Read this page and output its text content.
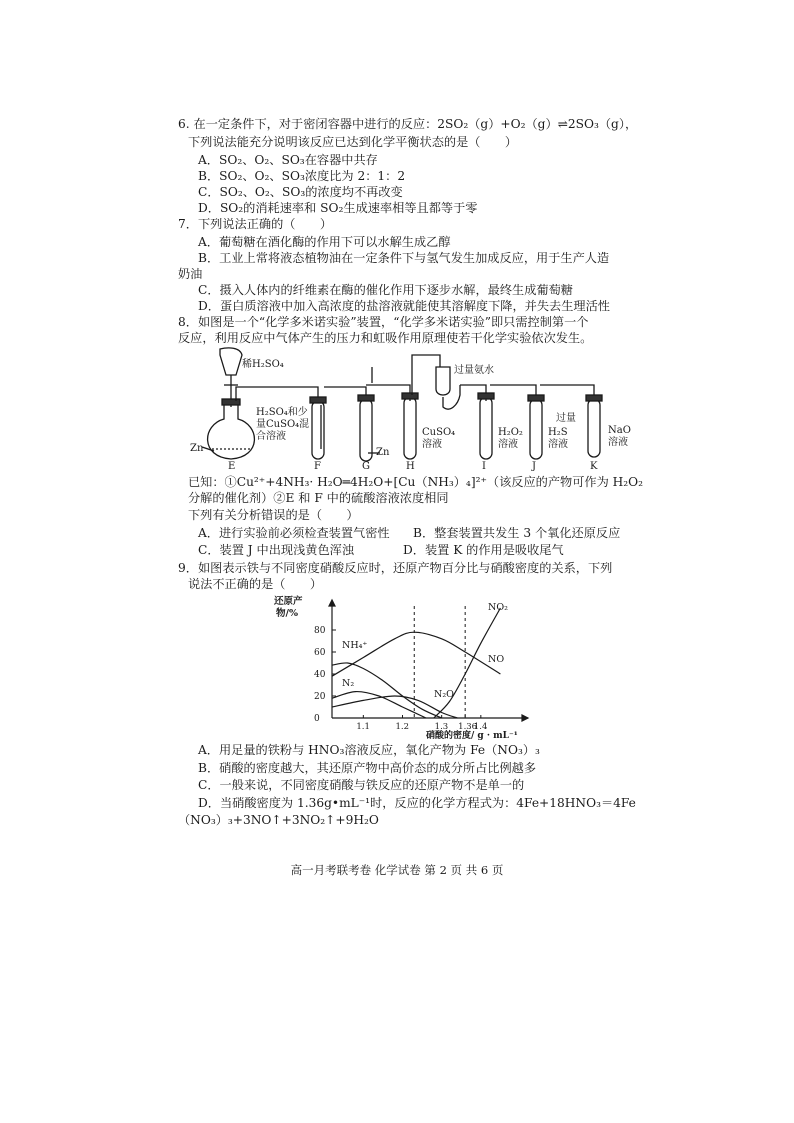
6. 在一定条件下，对于密闭容器中进行的反应：2SO₂（g）+O₂（g）⇌2SO₃（g），
下列说法能充分说明该反应已达到化学平衡状态的是（　　）
A．SO₂、O₂、SO₃在容器中共存
B．SO₂、O₂、SO₃浓度比为 2：1：2
C．SO₂、O₂、SO₃的浓度均不再改变
D．SO₂的消耗速率和 SO₂生成速率相等且都等于零
7．下列说法正确的（　　）
A．葡萄糖在酒化酶的作用下可以水解生成乙醇
B．工业上常将液态植物油在一定条件下与氢气发生加成反应，用于生产人造
奶油
C．摄入人体内的纤维素在酶的催化作用下逐步水解，最终生成葡萄糖
D．蛋白质溶液中加入高浓度的盐溶液就能使其溶解度下降，并失去生理活性
8．如图是一个“化学多米诺实验”装置，“化学多米诺实验”即只需控制第一个
反应，利用反应中气体产生的压力和虹吸作用原理使若干化学实验依次发生。
稀H₂SO₄
H₂SO₄和少
量CuSO₄混
合溶液
Zn	Zn
CuSO₄
溶液
过量氨水
H₂O₂
溶液
过量
H₂S
溶液
NaO
溶液
E	F	G	H	I	J	K
已知：①Cu²⁺+4NH₃· H₂O═4H₂O+[Cu（NH₃）₄]²⁺（该反应的产物可作为 H₂O₂
分解的催化剂）②E 和 F 中的硫酸溶液浓度相同
下列有关分析错误的是（　　）
A．进行实验前必须检查装置气密性 B．整套装置共发生 3 个氧化还原反应
C．装置 J 中出现浅黄色浑浊	D．装置 K 的作用是吸收尾气
9．如图表示铁与不同密度硝酸反应时，还原产物百分比与硝酸密度的关系，下列
说法不正确的是（　　）
0
20
40
60
80
1.1	1.2	1.3 1.36
1.4
NO₂
NO
NH₄⁺
N₂
N₂O
还原产
物/%
硝酸的密度/ g · mL⁻¹
A．用足量的铁粉与 HNO₃溶液反应，氧化产物为 Fe（NO₃）₃
B．硝酸的密度越大，其还原产物中高价态的成分所占比例越多
C．一般来说，不同密度硝酸与铁反应的还原产物不是单一的
D．当硝酸密度为 1.36g•mL⁻¹时，反应的化学方程式为：4Fe+18HNO₃＝4Fe
（NO₃）₃+3NO↑+3NO₂↑+9H₂O
高一月考联考卷 化学试卷 第 2 页 共 6 页
